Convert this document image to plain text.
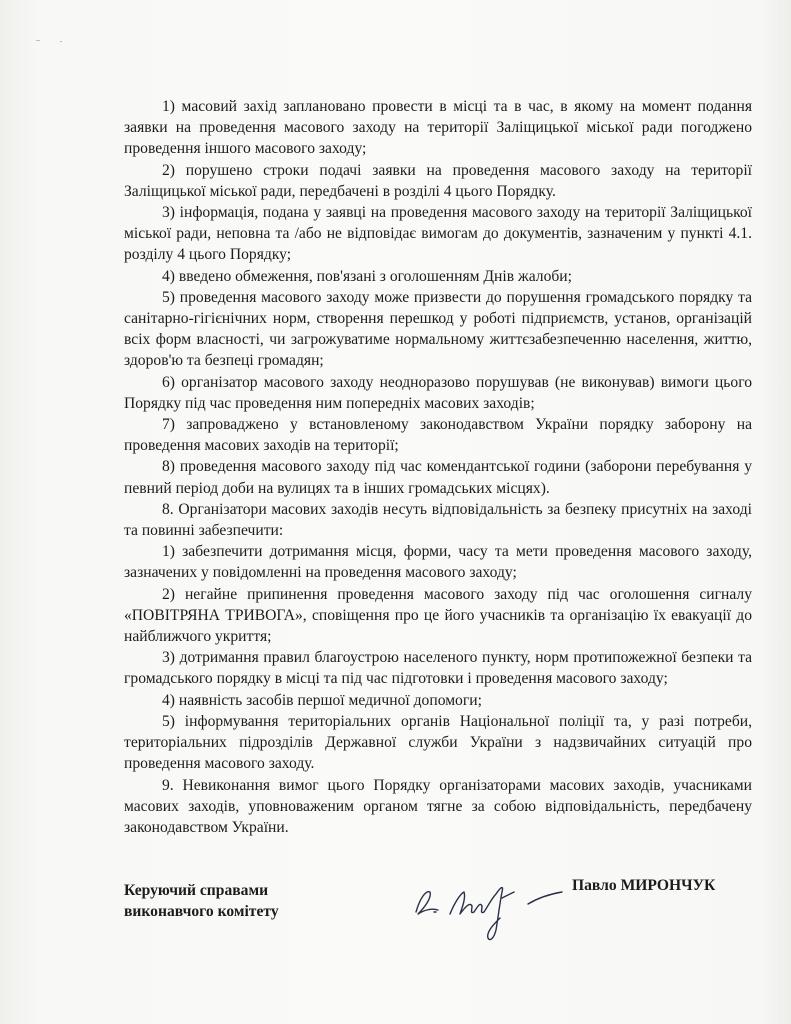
1) масовий захід заплановано провести в місці та в час, в якому на момент подання заявки на проведення масового заходу на території Заліщицької міської ради погоджено проведення іншого масового заходу;

2) порушено строки подачі заявки на проведення масового заходу на території Заліщицької міської ради, передбачені в розділі 4 цього Порядку.

3) інформація, подана у заявці на проведення масового заходу на території Заліщицької міської ради, неповна та /або не відповідає вимогам до документів, зазначеним у пункті 4.1. розділу 4 цього Порядку;

4) введено обмеження, пов'язані з оголошенням Днів жалоби;

5) проведення масового заходу може призвести до порушення громадського порядку та санітарно-гігієнічних норм, створення перешкод у роботі підприємств, установ, організацій всіх форм власності, чи загрожуватиме нормальному життєзабезпеченню населення, життю, здоров'ю та безпеці громадян;

6) організатор масового заходу неодноразово порушував (не виконував) вимоги цього Порядку під час проведення ним попередніх масових заходів;

7) запроваджено у встановленому законодавством України порядку заборону на проведення масових заходів на території;

8) проведення масового заходу під час комендантської години (заборони перебування у певний період доби на вулицях та в інших громадських місцях).

8. Організатори масових заходів несуть відповідальність за безпеку присутніх на заході та повинні забезпечити:

1) забезпечити дотримання місця, форми, часу та мети проведення масового заходу, зазначених у повідомленні на проведення масового заходу;

2) негайне припинення проведення масового заходу під час оголошення сигналу «ПОВІТРЯНА ТРИВОГА», сповіщення про це його учасників та організацію їх евакуації до найближчого укриття;

3) дотримання правил благоустрою населеного пункту, норм протипожежної безпеки та громадського порядку в місці та під час підготовки і проведення масового заходу;

4) наявність засобів першої медичної допомоги;

5) інформування територіальних органів Національної поліції та, у разі потреби, територіальних підрозділів Державної служби України з надзвичайних ситуацій про проведення масового заходу.

9. Невиконання вимог цього Порядку організаторами масових заходів, учасниками масових заходів, уповноваженим органом тягне за собою відповідальність, передбачену законодавством України.

Керуючий справами
виконавчого комітету
Павло МИРОНЧУК
